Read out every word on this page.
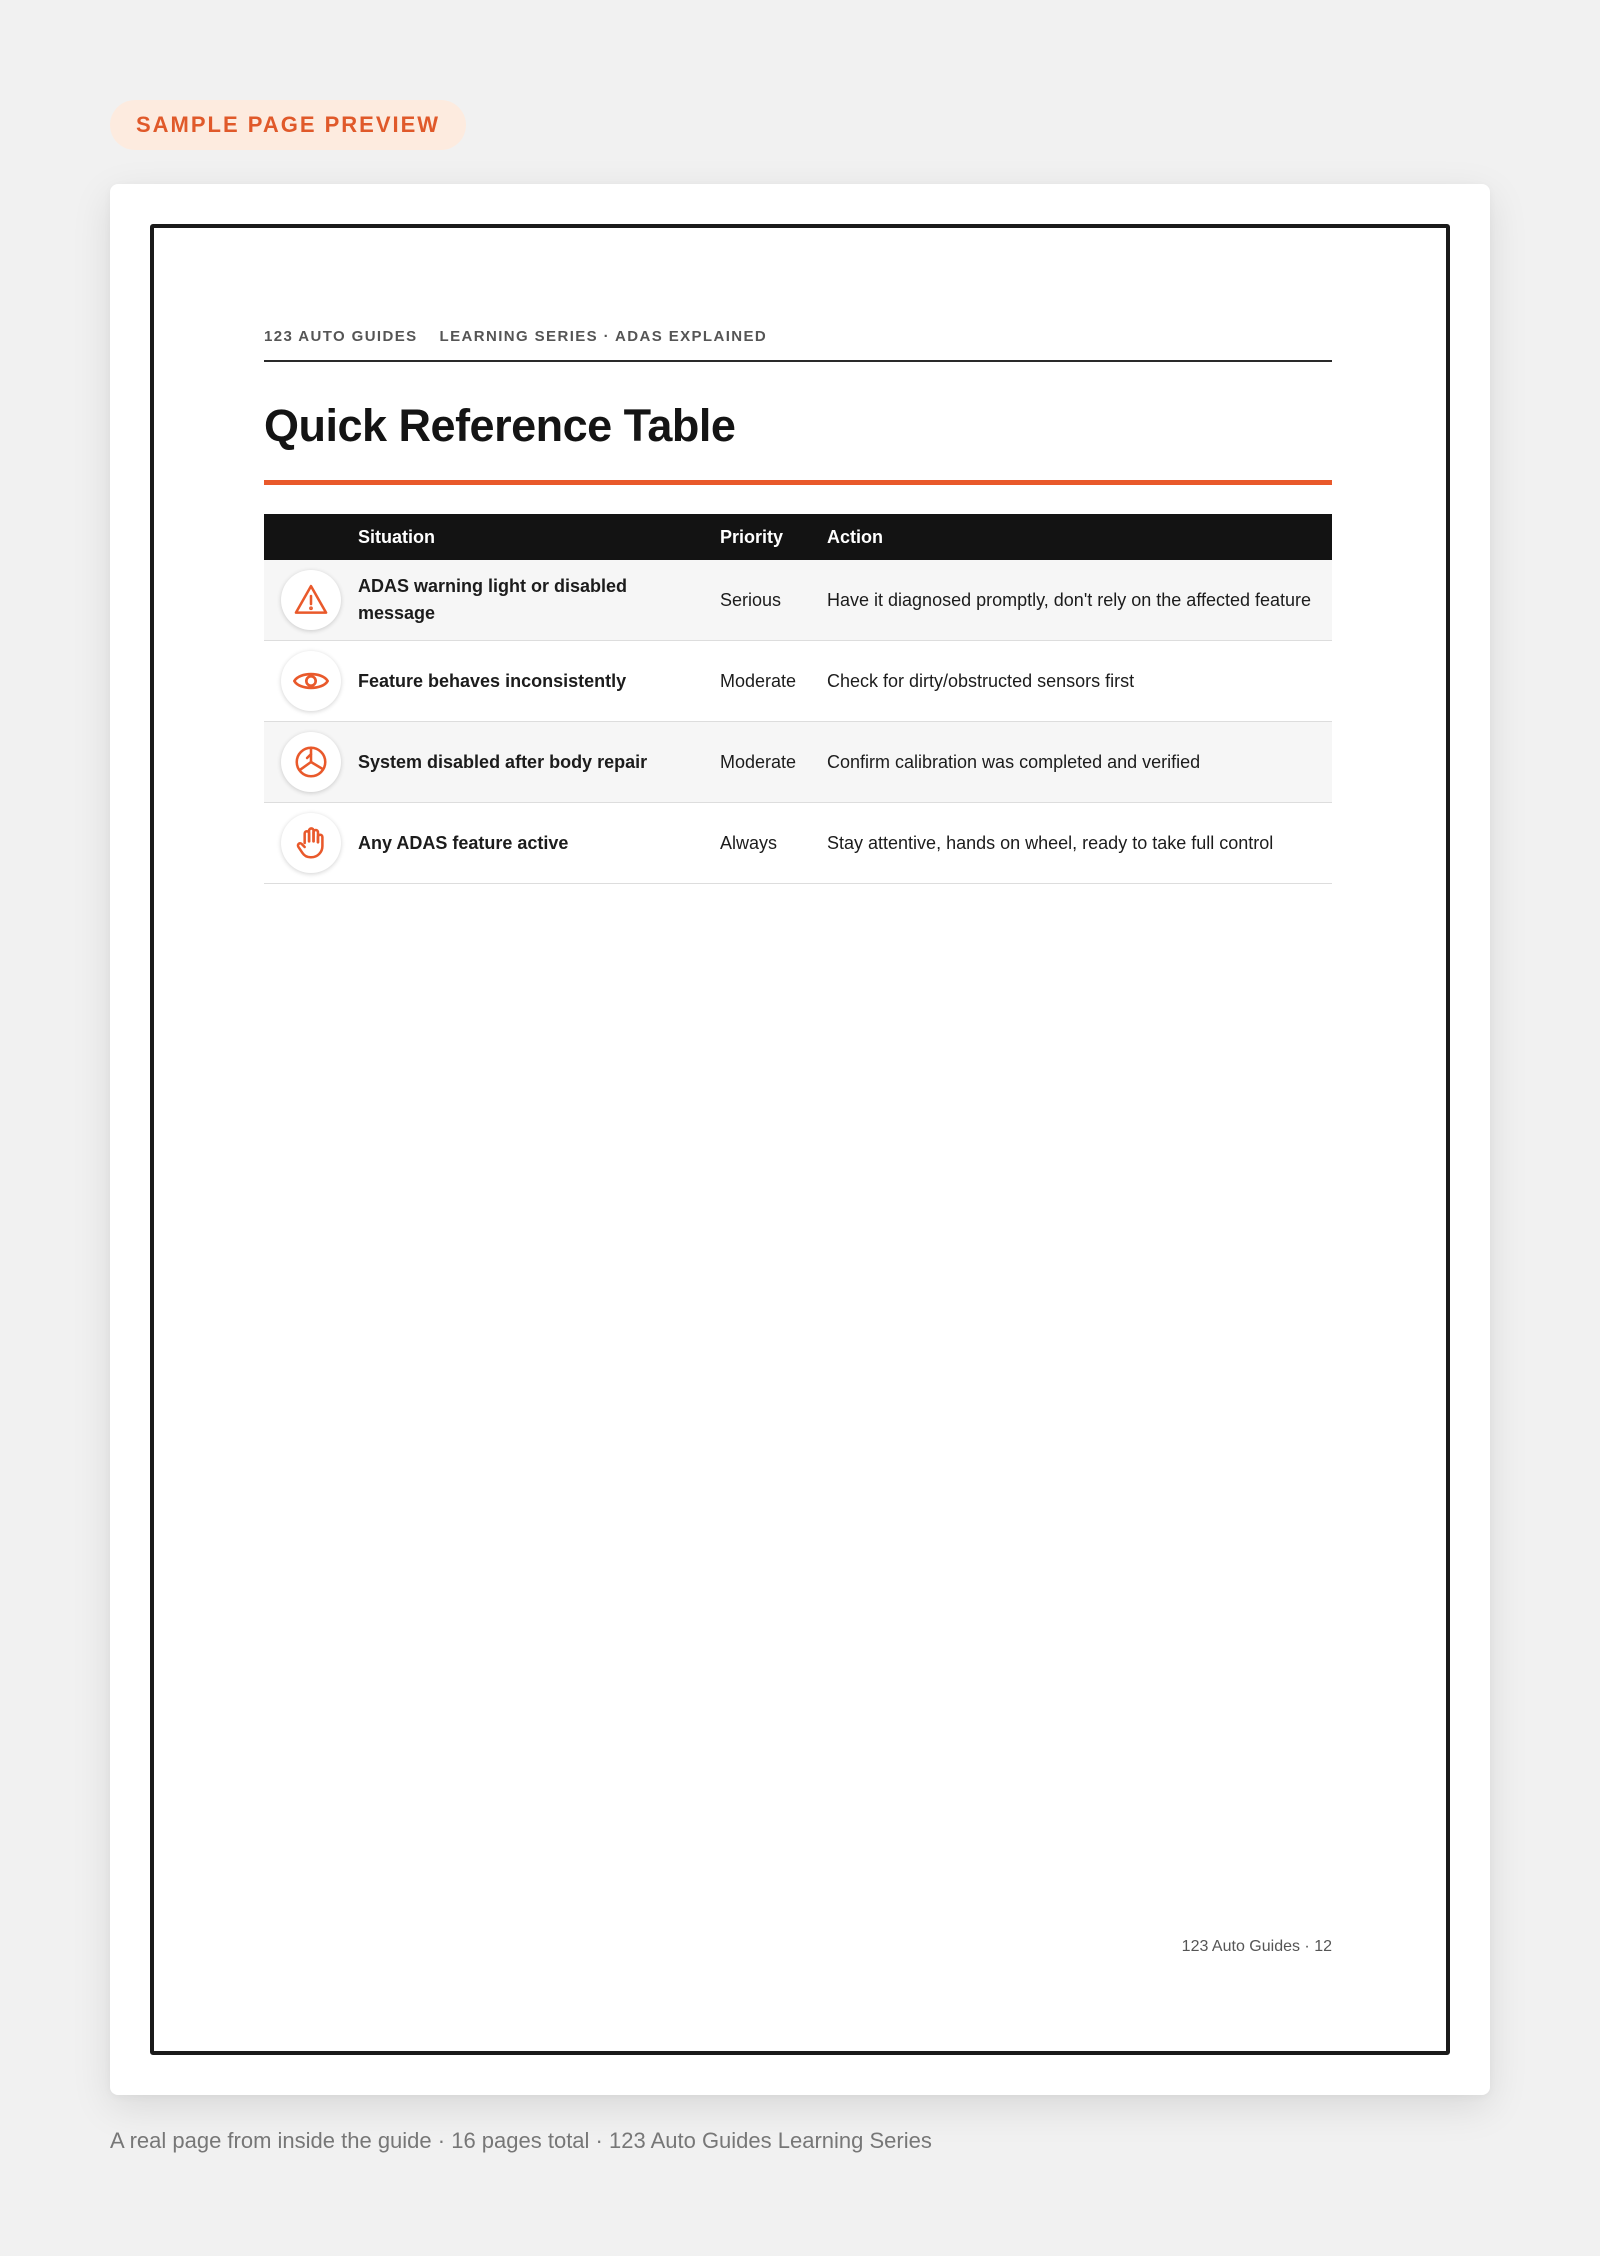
SAMPLE PAGE PREVIEW
123 AUTO GUIDES LEARNING SERIES · ADAS EXPLAINED
Quick Reference Table
	Situation	Priority	Action

	ADAS warning light or disabled message	Serious	Have it diagnosed promptly, don't rely on the affected feature

	Feature behaves inconsistently	Moderate	Check for dirty/obstructed sensors first

	System disabled after body repair	Moderate	Confirm calibration was completed and verified

	Any ADAS feature active	Always	Stay attentive, hands on wheel, ready to take full control
123 Auto Guides · 12
A real page from inside the guide · 16 pages total · 123 Auto Guides Learning Series
